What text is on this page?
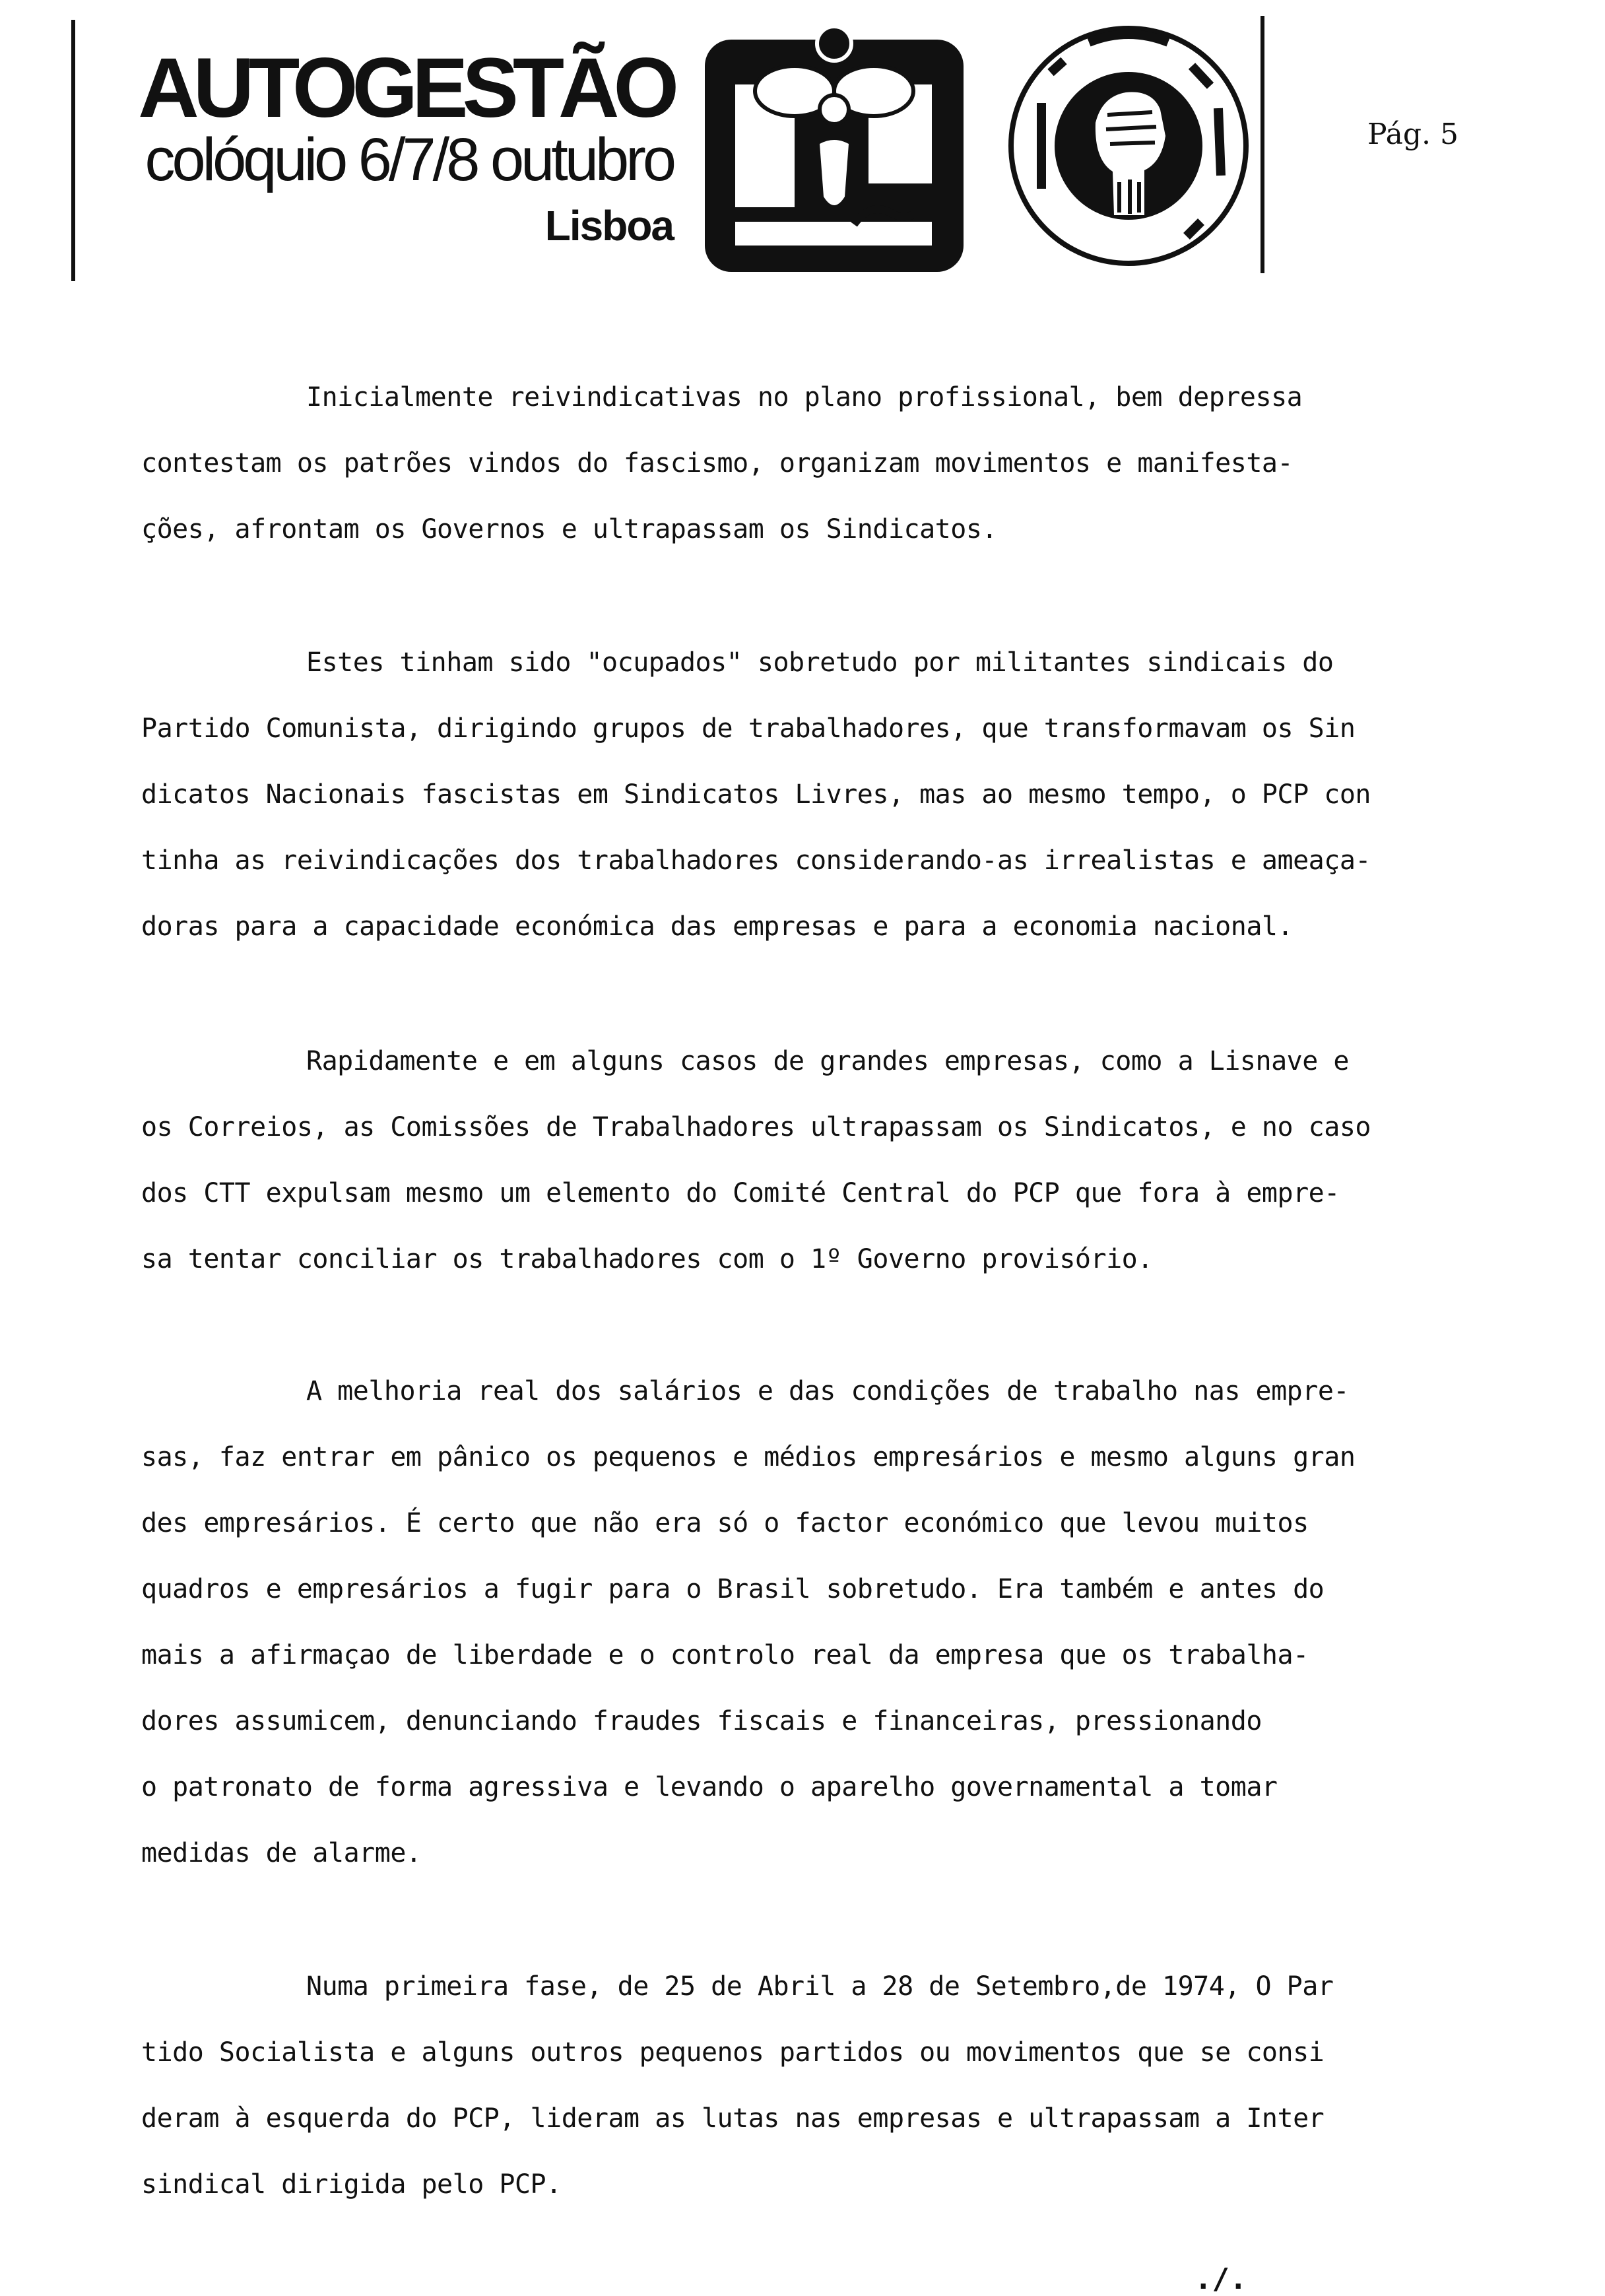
AUTOGESTÃO
colóquio 6/7/8 outubro
Lisboa
Pág. 5
Inicialmente reivindicativas no plano profissional, bem depressa
contestam os patrões vindos do fascismo, organizam movimentos e manifesta-
ções, afrontam os Governos e ultrapassam os Sindicatos.
Estes tinham sido "ocupados" sobretudo por militantes sindicais do
Partido Comunista, dirigindo grupos de trabalhadores, que transformavam os Sin
dicatos Nacionais fascistas em Sindicatos Livres, mas ao mesmo tempo, o PCP con
tinha as reivindicações dos trabalhadores considerando-as irrealistas e ameaça-
doras para a capacidade económica das empresas e para a economia nacional.
Rapidamente e em alguns casos de grandes empresas, como a Lisnave e
os Correios, as Comissões de Trabalhadores ultrapassam os Sindicatos, e no caso
dos CTT expulsam mesmo um elemento do Comité Central do PCP que fora à empre-
sa tentar conciliar os trabalhadores com o 1º Governo provisório.
A melhoria real dos salários e das condições de trabalho nas empre-
sas, faz entrar em pânico os pequenos e médios empresários e mesmo alguns gran
des empresários. É certo que não era só o factor económico que levou muitos
quadros e empresários a fugir para o Brasil sobretudo. Era também e antes do
mais a afirmaçao de liberdade e o controlo real da empresa que os trabalha-
dores assumicem, denunciando fraudes fiscais e financeiras, pressionando
o patronato de forma agressiva e levando o aparelho governamental a tomar
medidas de alarme.
Numa primeira fase, de 25 de Abril a 28 de Setembro,de 1974, O Par
tido Socialista e alguns outros pequenos partidos ou movimentos que se consi
deram à esquerda do PCP, lideram as lutas nas empresas e ultrapassam a Inter
sindical dirigida pelo PCP.
./.
